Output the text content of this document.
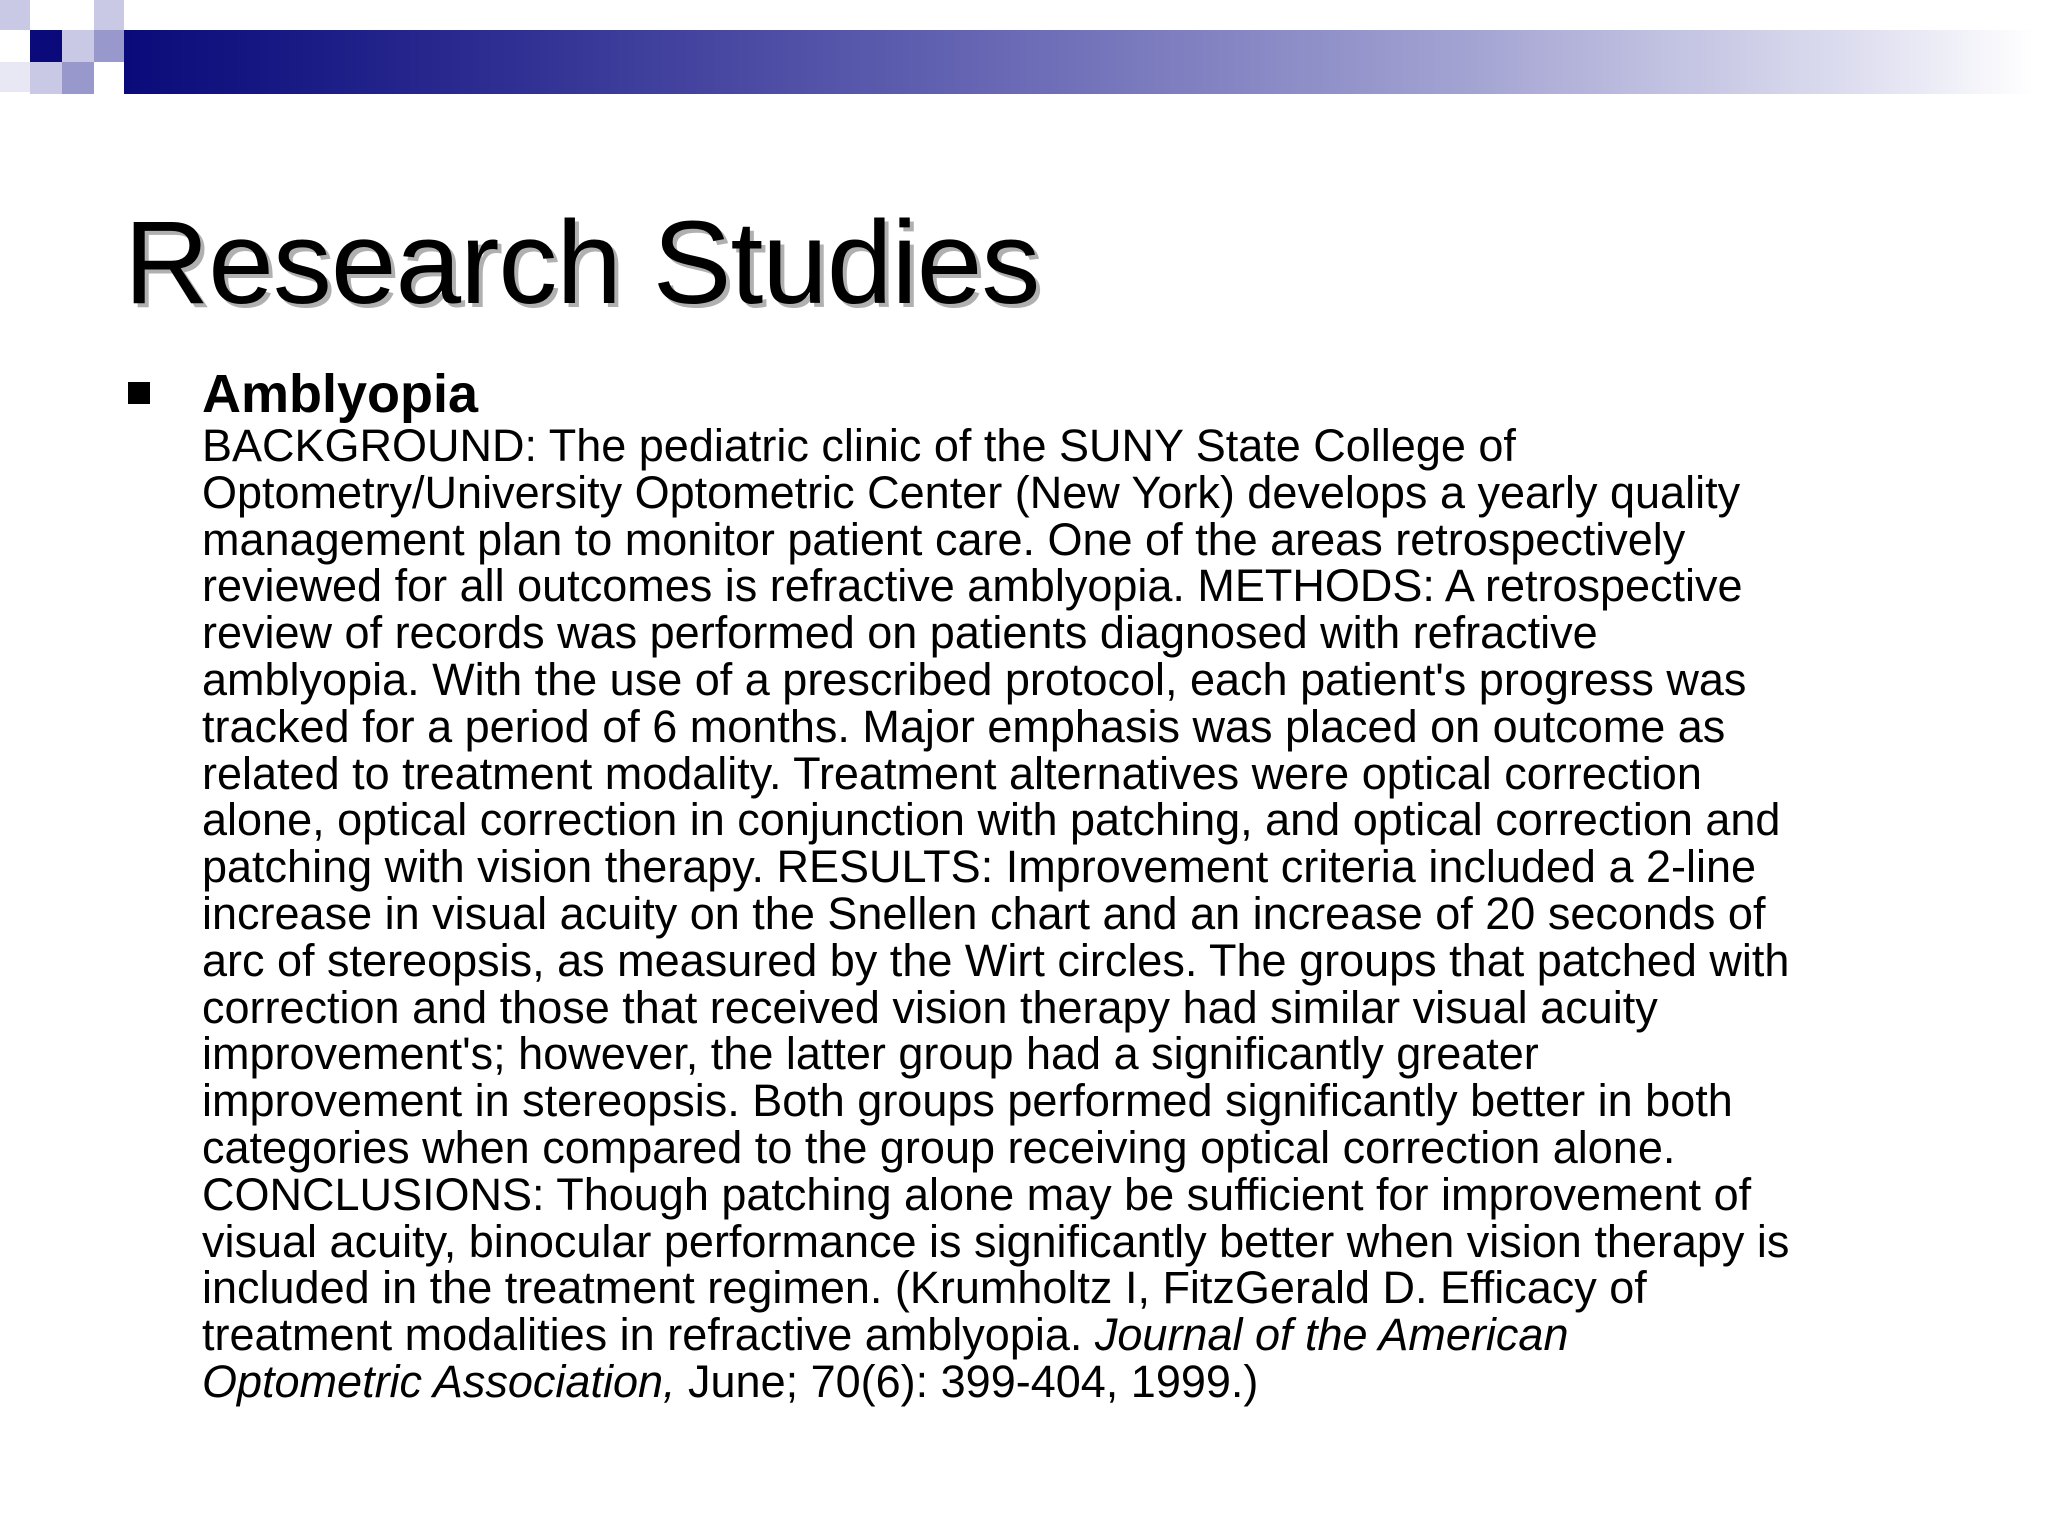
Research Studies
Amblyopia
BACKGROUND: The pediatric clinic of the SUNY State College of
Optometry/University Optometric Center (New York) develops a yearly quality
management plan to monitor patient care. One of the areas retrospectively
reviewed for all outcomes is refractive amblyopia. METHODS: A retrospective
review of records was performed on patients diagnosed with refractive
amblyopia. With the use of a prescribed protocol, each patient's progress was
tracked for a period of 6 months. Major emphasis was placed on outcome as
related to treatment modality. Treatment alternatives were optical correction
alone, optical correction in conjunction with patching, and optical correction and
patching with vision therapy. RESULTS: Improvement criteria included a 2-line
increase in visual acuity on the Snellen chart and an increase of 20 seconds of
arc of stereopsis, as measured by the Wirt circles. The groups that patched with
correction and those that received vision therapy had similar visual acuity
improvement's; however, the latter group had a significantly greater
improvement in stereopsis. Both groups performed significantly better in both
categories when compared to the group receiving optical correction alone.
CONCLUSIONS: Though patching alone may be sufficient for improvement of
visual acuity, binocular performance is significantly better when vision therapy is
included in the treatment regimen. (Krumholtz I, FitzGerald D. Efficacy of
treatment modalities in refractive amblyopia. Journal of the American
Optometric Association, June; 70(6): 399-404, 1999.)
